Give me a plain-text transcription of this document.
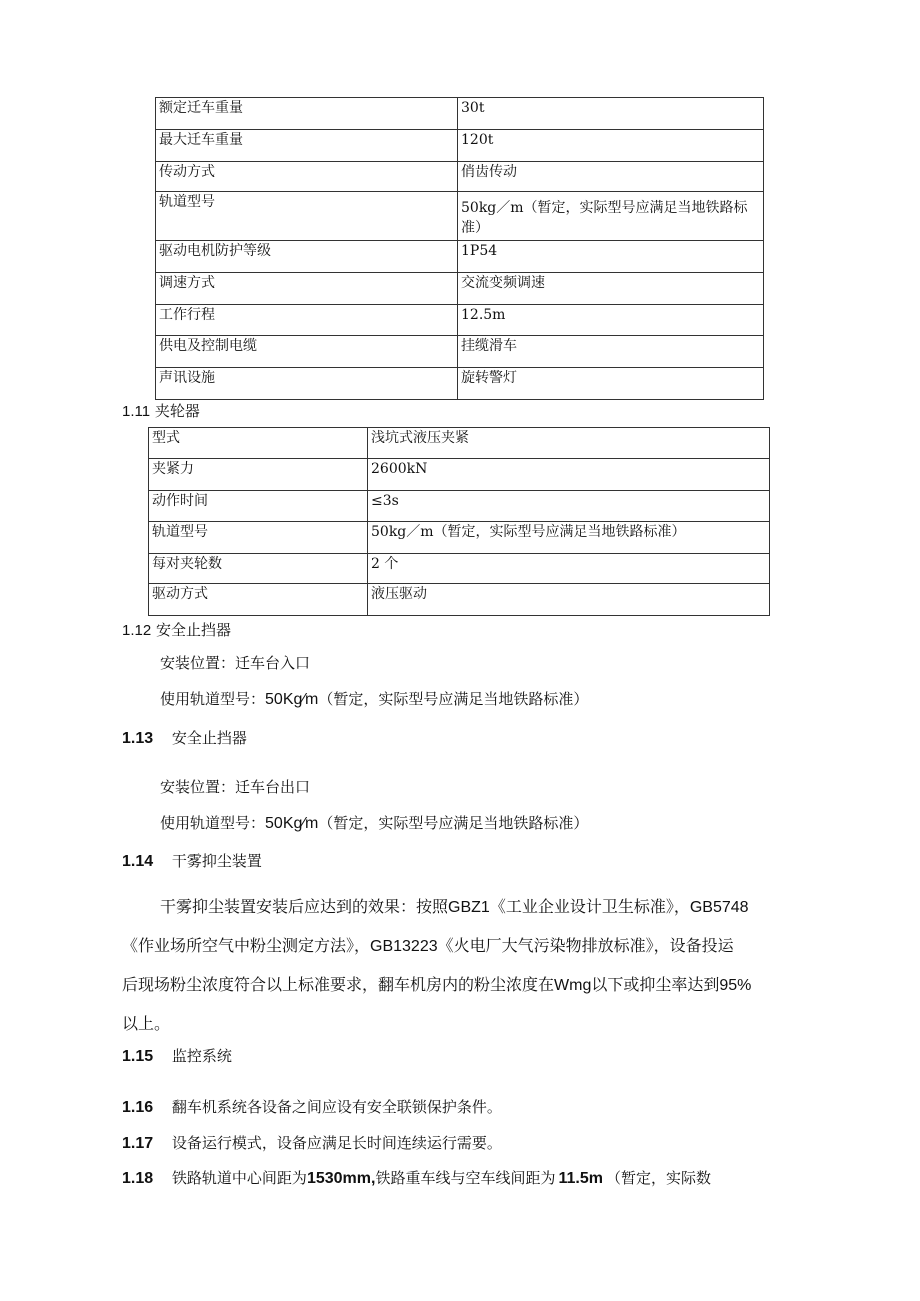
额定迁车重量	30t
最大迁车重量	120t
传动方式	俏齿传动
轨道型号	50kg／m（暂定，实际型号应满足当地铁路标准）
驱动电机防护等级	1P54
调速方式	交流变频调速
工作行程	12.5m
供电及控制电缆	挂缆滑车
声讯设施	旋转警灯
1.11 夹轮器
型式	浅坑式液压夹紧
夹紧力	2600kN
动作时间	≤3s
轨道型号	50kg／m（暂定，实际型号应满足当地铁路标准）
每对夹轮数	2 个
驱动方式	液压驱动
1.12 安全止挡器
安装位置：迁车台入口
使用轨道型号：50Kg∕m（暂定，实际型号应满足当地铁路标准）
1.13 安全止挡器
安装位置：迁车台出口
使用轨道型号：50Kg∕m（暂定，实际型号应满足当地铁路标准）
1.14 干雾抑尘装置
干雾抑尘装置安装后应达到的效果：按照GBZ1《工业企业设计卫生标准》，GB5748
《作业场所空气中粉尘测定方法》，GB13223《火电厂大气污染物排放标准》，设备投运
后现场粉尘浓度符合以上标准要求，翻车机房内的粉尘浓度在Wmg以下或抑尘率达到95%
以上。
1.15 监控系统
1.16 翻车机系统各设备之间应设有安全联锁保护条件。
1.17 设备运行模式，设备应满足长时间连续运行需要。
1.18 铁路轨道中心间距为1530mm,铁路重车线与空车线间距为 11.5m （暂定，实际数
